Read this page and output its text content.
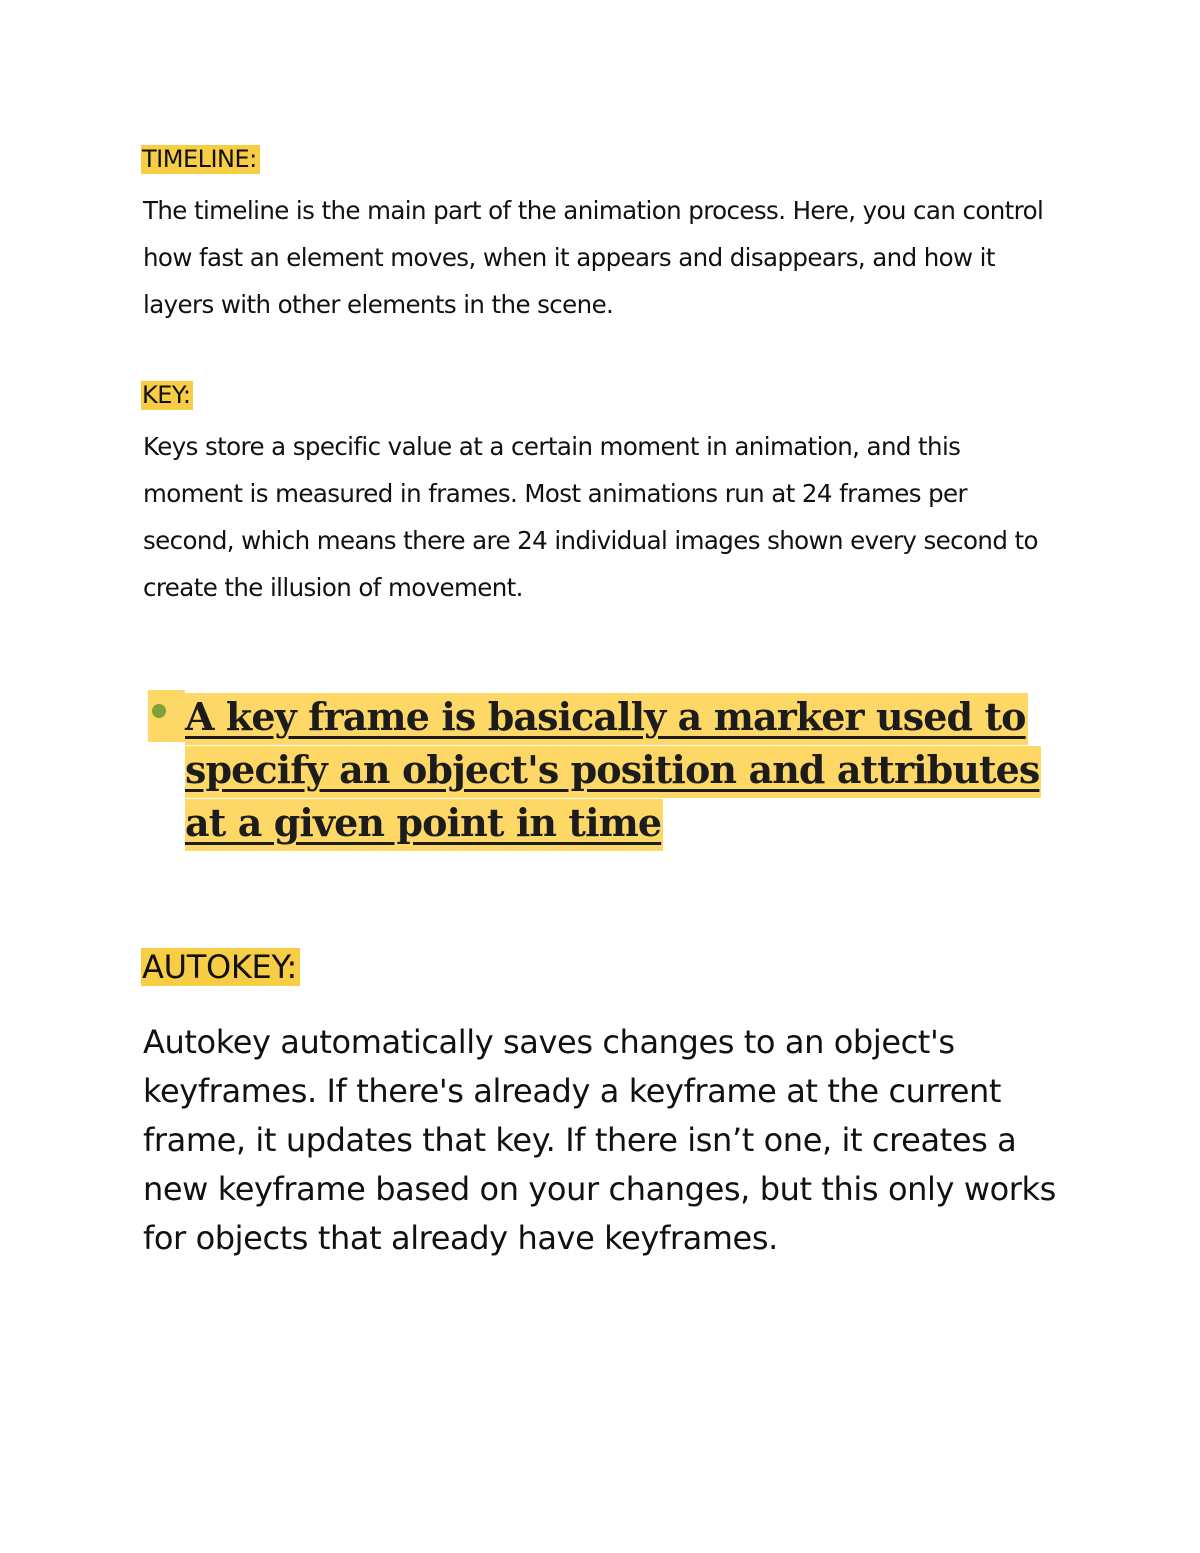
TIMELINE:

The timeline is the main part of the animation process. Here, you can control how fast an element moves, when it appears and disappears, and how it layers with other elements in the scene.

KEY:

Keys store a specific value at a certain moment in animation, and this moment is measured in frames. Most animations run at 24 frames per second, which means there are 24 individual images shown every second to create the illusion of movement.

A key frame is basically a marker used to specify an object's position and attributes at a given point in time

AUTOKEY:

Autokey automatically saves changes to an object's keyframes. If there's already a keyframe at the current frame, it updates that key. If there isn’t one, it creates a new keyframe based on your changes, but this only works for objects that already have keyframes.
